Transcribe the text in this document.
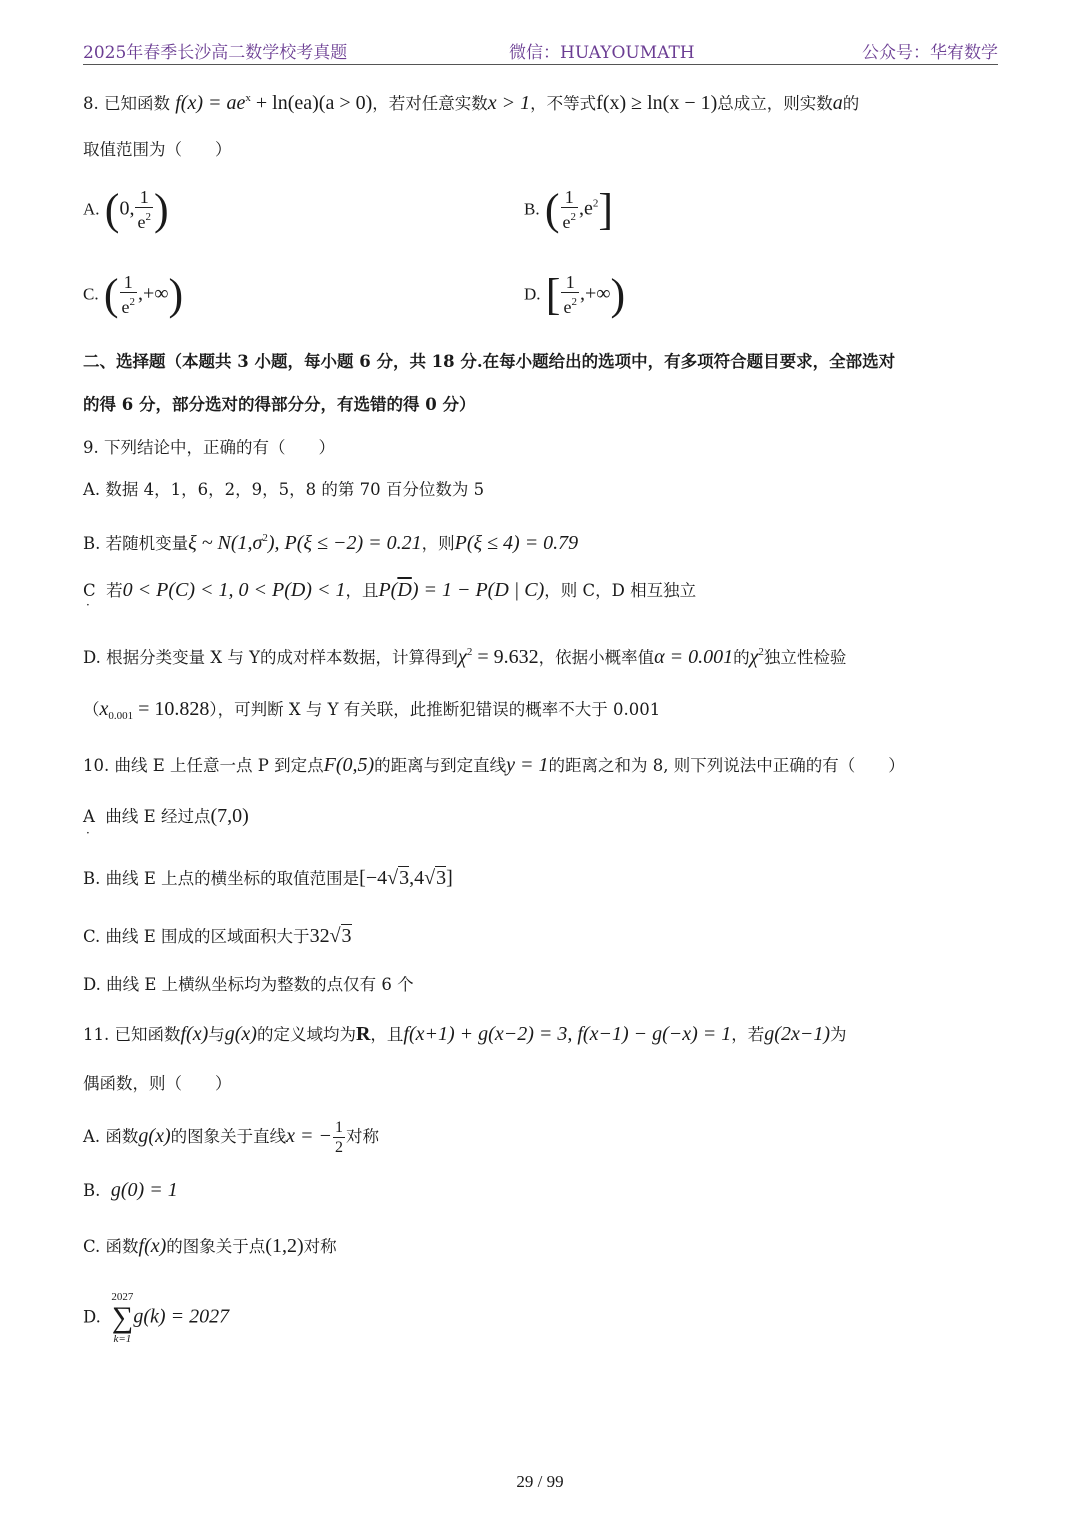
2025年春季长沙高二数学校考真题	微信：HUAYOUMATH	公众号：华宥数学
8. 已知函数 $f(x) = ae^x + \ln(ea)(a > 0)$，若对任意实数x > 1，不等式f(x) ≥ ln(x − 1)总成立，则实数a的
取值范围为（　　）
A. (0, $\frac{1}{e^2}$ )	B. ( $\frac{1}{e^2} ,e^2$]
C. ( $\frac{1}{e^2}$ ,+∞)	D. [ $\frac{1}{e^2}$ ,+∞)
二、选择题（本题共 3 小题，每小题 6 分，共 18 分.在每小题给出的选项中，有多项符合题目要求，全部选对
的得 6 分，部分选对的得部分分，有选错的得 0 分）
9. 下列结论中，正确的有（　　）
A. 数据 4，1，6，2，9，5，8 的第 70 百分位数为 5
B. 若随机变量ξ ~ $N(1,\sigma^2)$, P(ξ ≤ −2) = 0.21，则P(ξ ≤ 4) = 0.79
C 若0 < P(C) < 1, 0 < P(D) < 1，且$P(\overline{D}) = 1 - P(D$ | C)，则 C，D 相互独立
·
D. 根据分类变量 X 与 Y的成对样本数据，计算得到$\chi^2 = 9.632$，依据小概率值α = 0.001的$\chi^2$独立性检验
$(x_{0.001} = 10.828)$，可判断 X 与 Y 有关联，此推断犯错误的概率不大于 0.001
10. 曲线 E 上任意一点 P 到定点F(0,5)的距离与到定直线y = 1的距离之和为 8, 则下列说法中正确的有（　　）
A 曲线 E 经过点(7,0)
·
B. 曲线 E 上点的横坐标的取值范围是[−4√3,4√3]
C. 曲线 E 围成的区域面积大于32√3
D. 曲线 E 上横纵坐标均为整数的点仅有 6 个
11. 已知函数f(x)与g(x)的定义域均为R，且f(x+1) + g(x−2) = 3, f(x−1) − g(−x) = 1，若g(2x−1)为
偶函数，则（　　）
A. 函数g(x)的图象关于直线x = − $\frac{1}{2}$ 对称
B. g(0) = 1
C. 函数f(x)的图象关于点(1,2)对称
D.
2027
∑
k=1
g(k) = 2027
29 / 99
